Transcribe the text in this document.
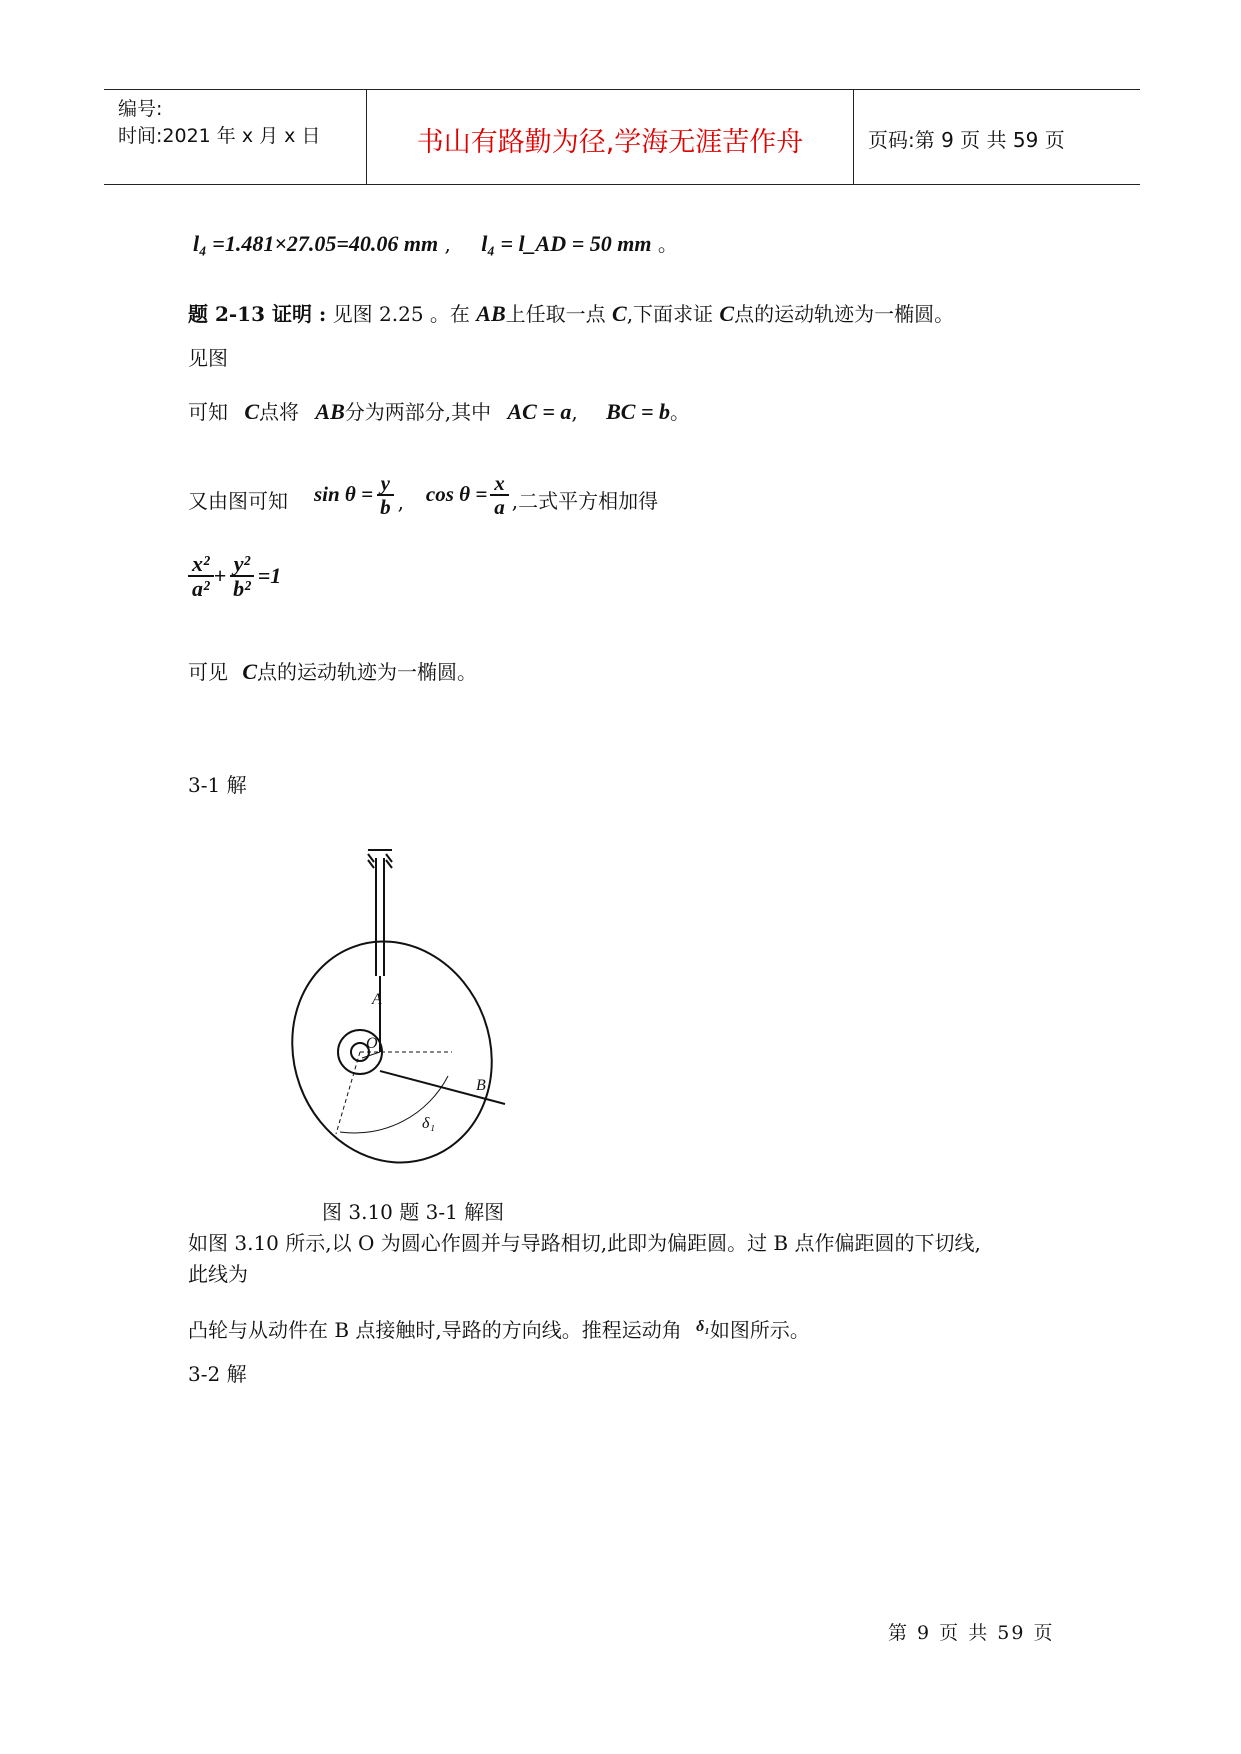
编号:
时间:2021 年 x 月 x 日	书山有路勤为径,学海无涯苦作舟	页码:第 9 页 共 59 页
l₄ =1.481×27.05=40.06 mm , l₄ = l_AD = 50 mm 。
题 2-13 证明 : 见图 2.25 。在 AB上任取一点 C,下面求证 C点的运动轨迹为一椭圆。
见图
可知 C点将 AB分为两部分,其中 AC = a, BC = b。
又由图可知 $\sin \theta = \frac{y}{b}$ , $\cos \theta = \frac{x}{a}$ ,二式平方相加得
$\frac{\text{x²}}{\text{a²}} + \frac{\text{y²}}{\text{b²}} =1$
可见 C点的运动轨迹为一椭圆。
3-1 解
A
O
B
δ₁
图 3.10 题 3-1 解图
如图 3.10 所示,以 O 为圆心作圆并与导路相切,此即为偏距圆。过 B 点作偏距圆的下切线,
此线为
凸轮与从动件在 B 点接触时,导路的方向线。推程运动角 $^{\delta_1}$如图所示。
3-2 解
第 9 页 共 59 页
